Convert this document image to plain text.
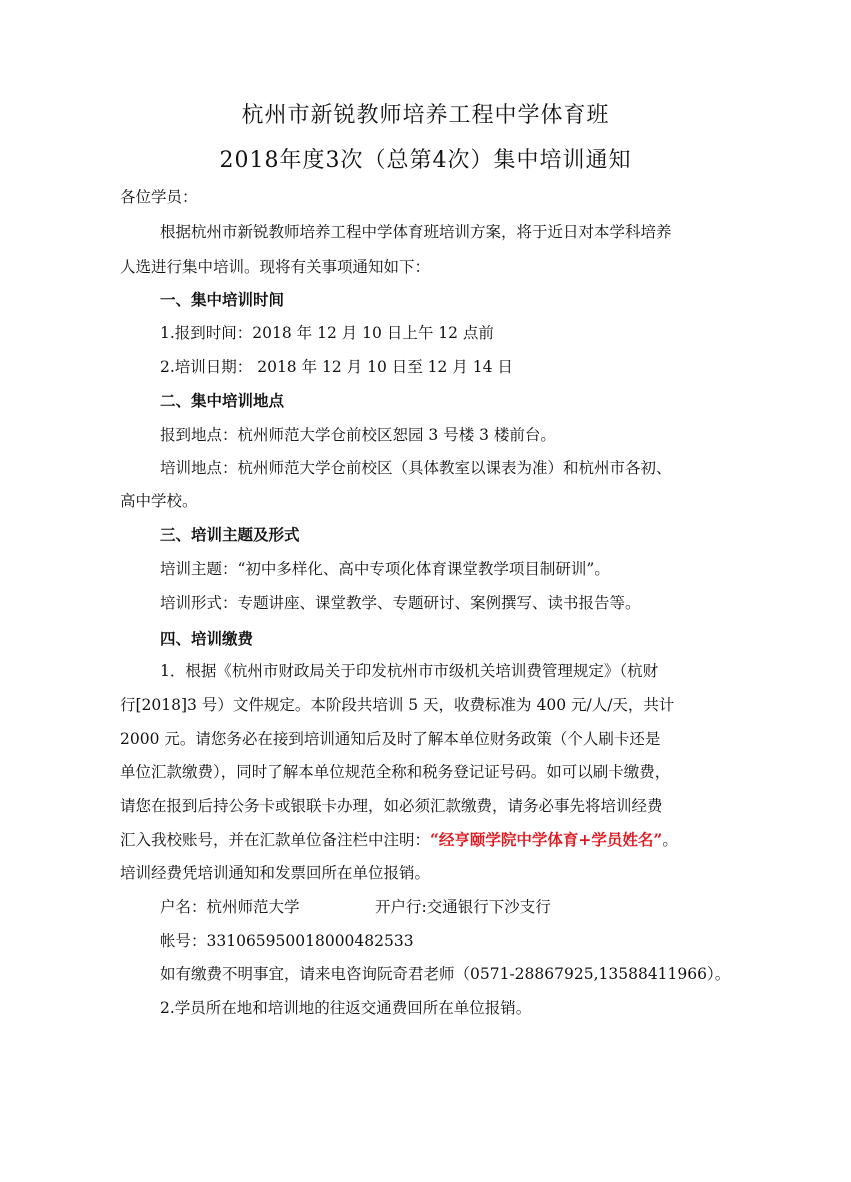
杭州市新锐教师培养工程中学体育班
2018年度3次（总第4次）集中培训通知
各位学员：
根据杭州市新锐教师培养工程中学体育班培训方案，将于近日对本学科培养
人选进行集中培训。现将有关事项通知如下：
一、集中培训时间
1.报到时间：2018 年 12 月 10 日上午 12 点前
2.培训日期： 2018 年 12 月 10 日至 12 月 14 日
二、集中培训地点
报到地点：杭州师范大学仓前校区恕园 3 号楼 3 楼前台。
培训地点：杭州师范大学仓前校区（具体教室以课表为准）和杭州市各初、
高中学校。
三、培训主题及形式
培训主题：“初中多样化、高中专项化体育课堂教学项目制研训”。
培训形式：专题讲座、课堂教学、专题研讨、案例撰写、读书报告等。
四、培训缴费
1．根据《杭州市财政局关于印发杭州市市级机关培训费管理规定》（杭财
行[2018]3 号）文件规定。本阶段共培训 5 天，收费标准为 400 元/人/天，共计
2000 元。请您务必在接到培训通知后及时了解本单位财务政策（个人刷卡还是
单位汇款缴费），同时了解本单位规范全称和税务登记证号码。如可以刷卡缴费，
请您在报到后持公务卡或银联卡办理，如必须汇款缴费，请务必事先将培训经费
汇入我校账号，并在汇款单位备注栏中注明：“经亨颐学院中学体育+学员姓名”。
培训经费凭培训通知和发票回所在单位报销。
户名：杭州师范大学	开户行:交通银行下沙支行
帐号：331065950018000482533
如有缴费不明事宜，请来电咨询阮奇君老师（0571-28867925,13588411966）。
2.学员所在地和培训地的往返交通费回所在单位报销。
